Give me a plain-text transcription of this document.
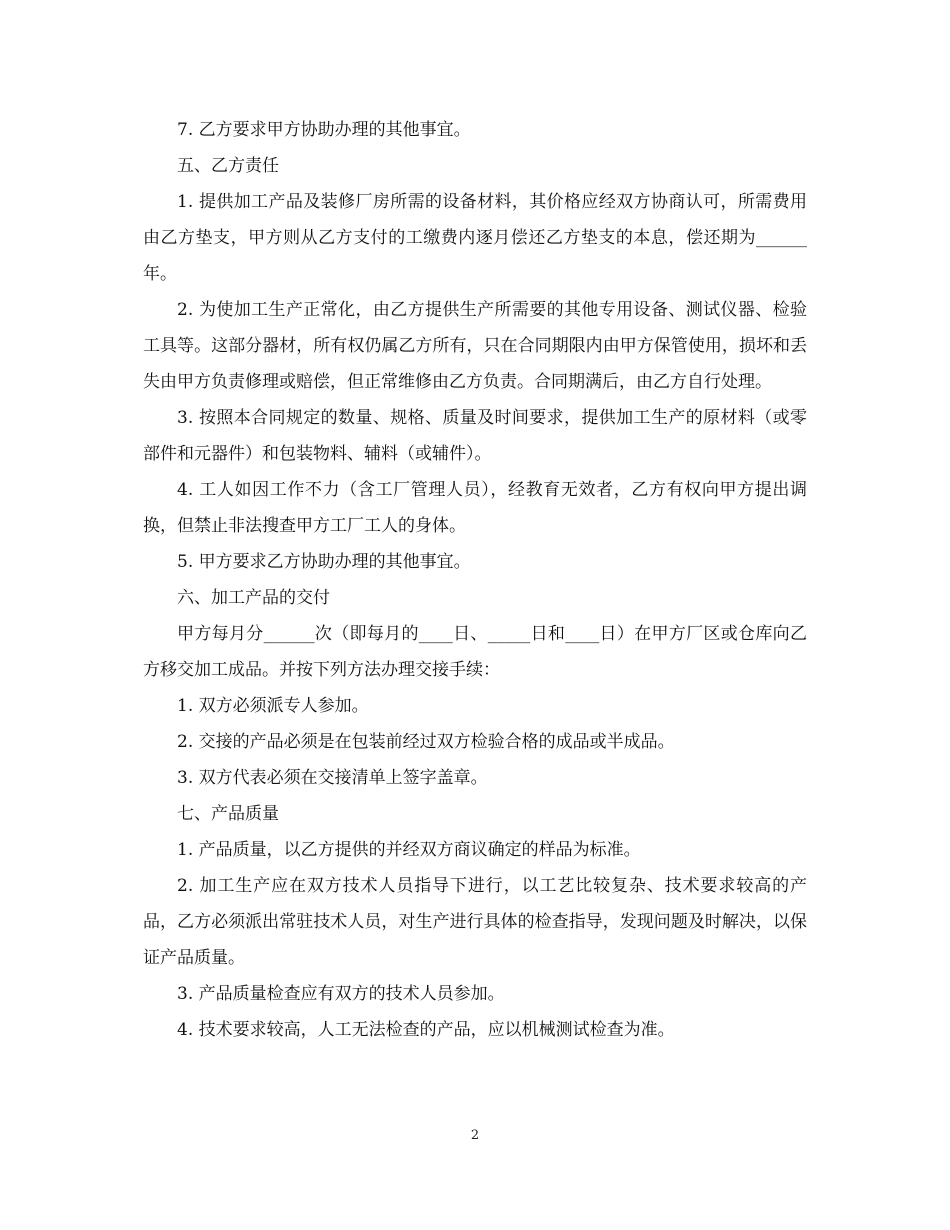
7. 乙方要求甲方协助办理的其他事宜。

五、乙方责任

1. 提供加工产品及装修厂房所需的设备材料，其价格应经双方协商认可，所需费用由乙方垫支，甲方则从乙方支付的工缴费内逐月偿还乙方垫支的本息，偿还期为______年。

2. 为使加工生产正常化，由乙方提供生产所需要的其他专用设备、测试仪器、检验工具等。这部分器材，所有权仍属乙方所有，只在合同期限内由甲方保管使用，损坏和丢失由甲方负责修理或赔偿，但正常维修由乙方负责。合同期满后，由乙方自行处理。

3. 按照本合同规定的数量、规格、质量及时间要求，提供加工生产的原材料（或零部件和元器件）和包装物料、辅料（或辅件）。

4. 工人如因工作不力（含工厂管理人员），经教育无效者，乙方有权向甲方提出调换，但禁止非法搜查甲方工厂工人的身体。

5. 甲方要求乙方协助办理的其他事宜。

六、加工产品的交付

甲方每月分______次（即每月的____日、_____日和____日）在甲方厂区或仓库向乙方移交加工成品。并按下列方法办理交接手续：

1. 双方必须派专人参加。

2. 交接的产品必须是在包装前经过双方检验合格的成品或半成品。

3. 双方代表必须在交接清单上签字盖章。

七、产品质量

1. 产品质量，以乙方提供的并经双方商议确定的样品为标准。

2. 加工生产应在双方技术人员指导下进行，以工艺比较复杂、技术要求较高的产品，乙方必须派出常驻技术人员，对生产进行具体的检查指导，发现问题及时解决，以保证产品质量。

3. 产品质量检查应有双方的技术人员参加。

4. 技术要求较高，人工无法检查的产品，应以机械测试检查为准。

2
